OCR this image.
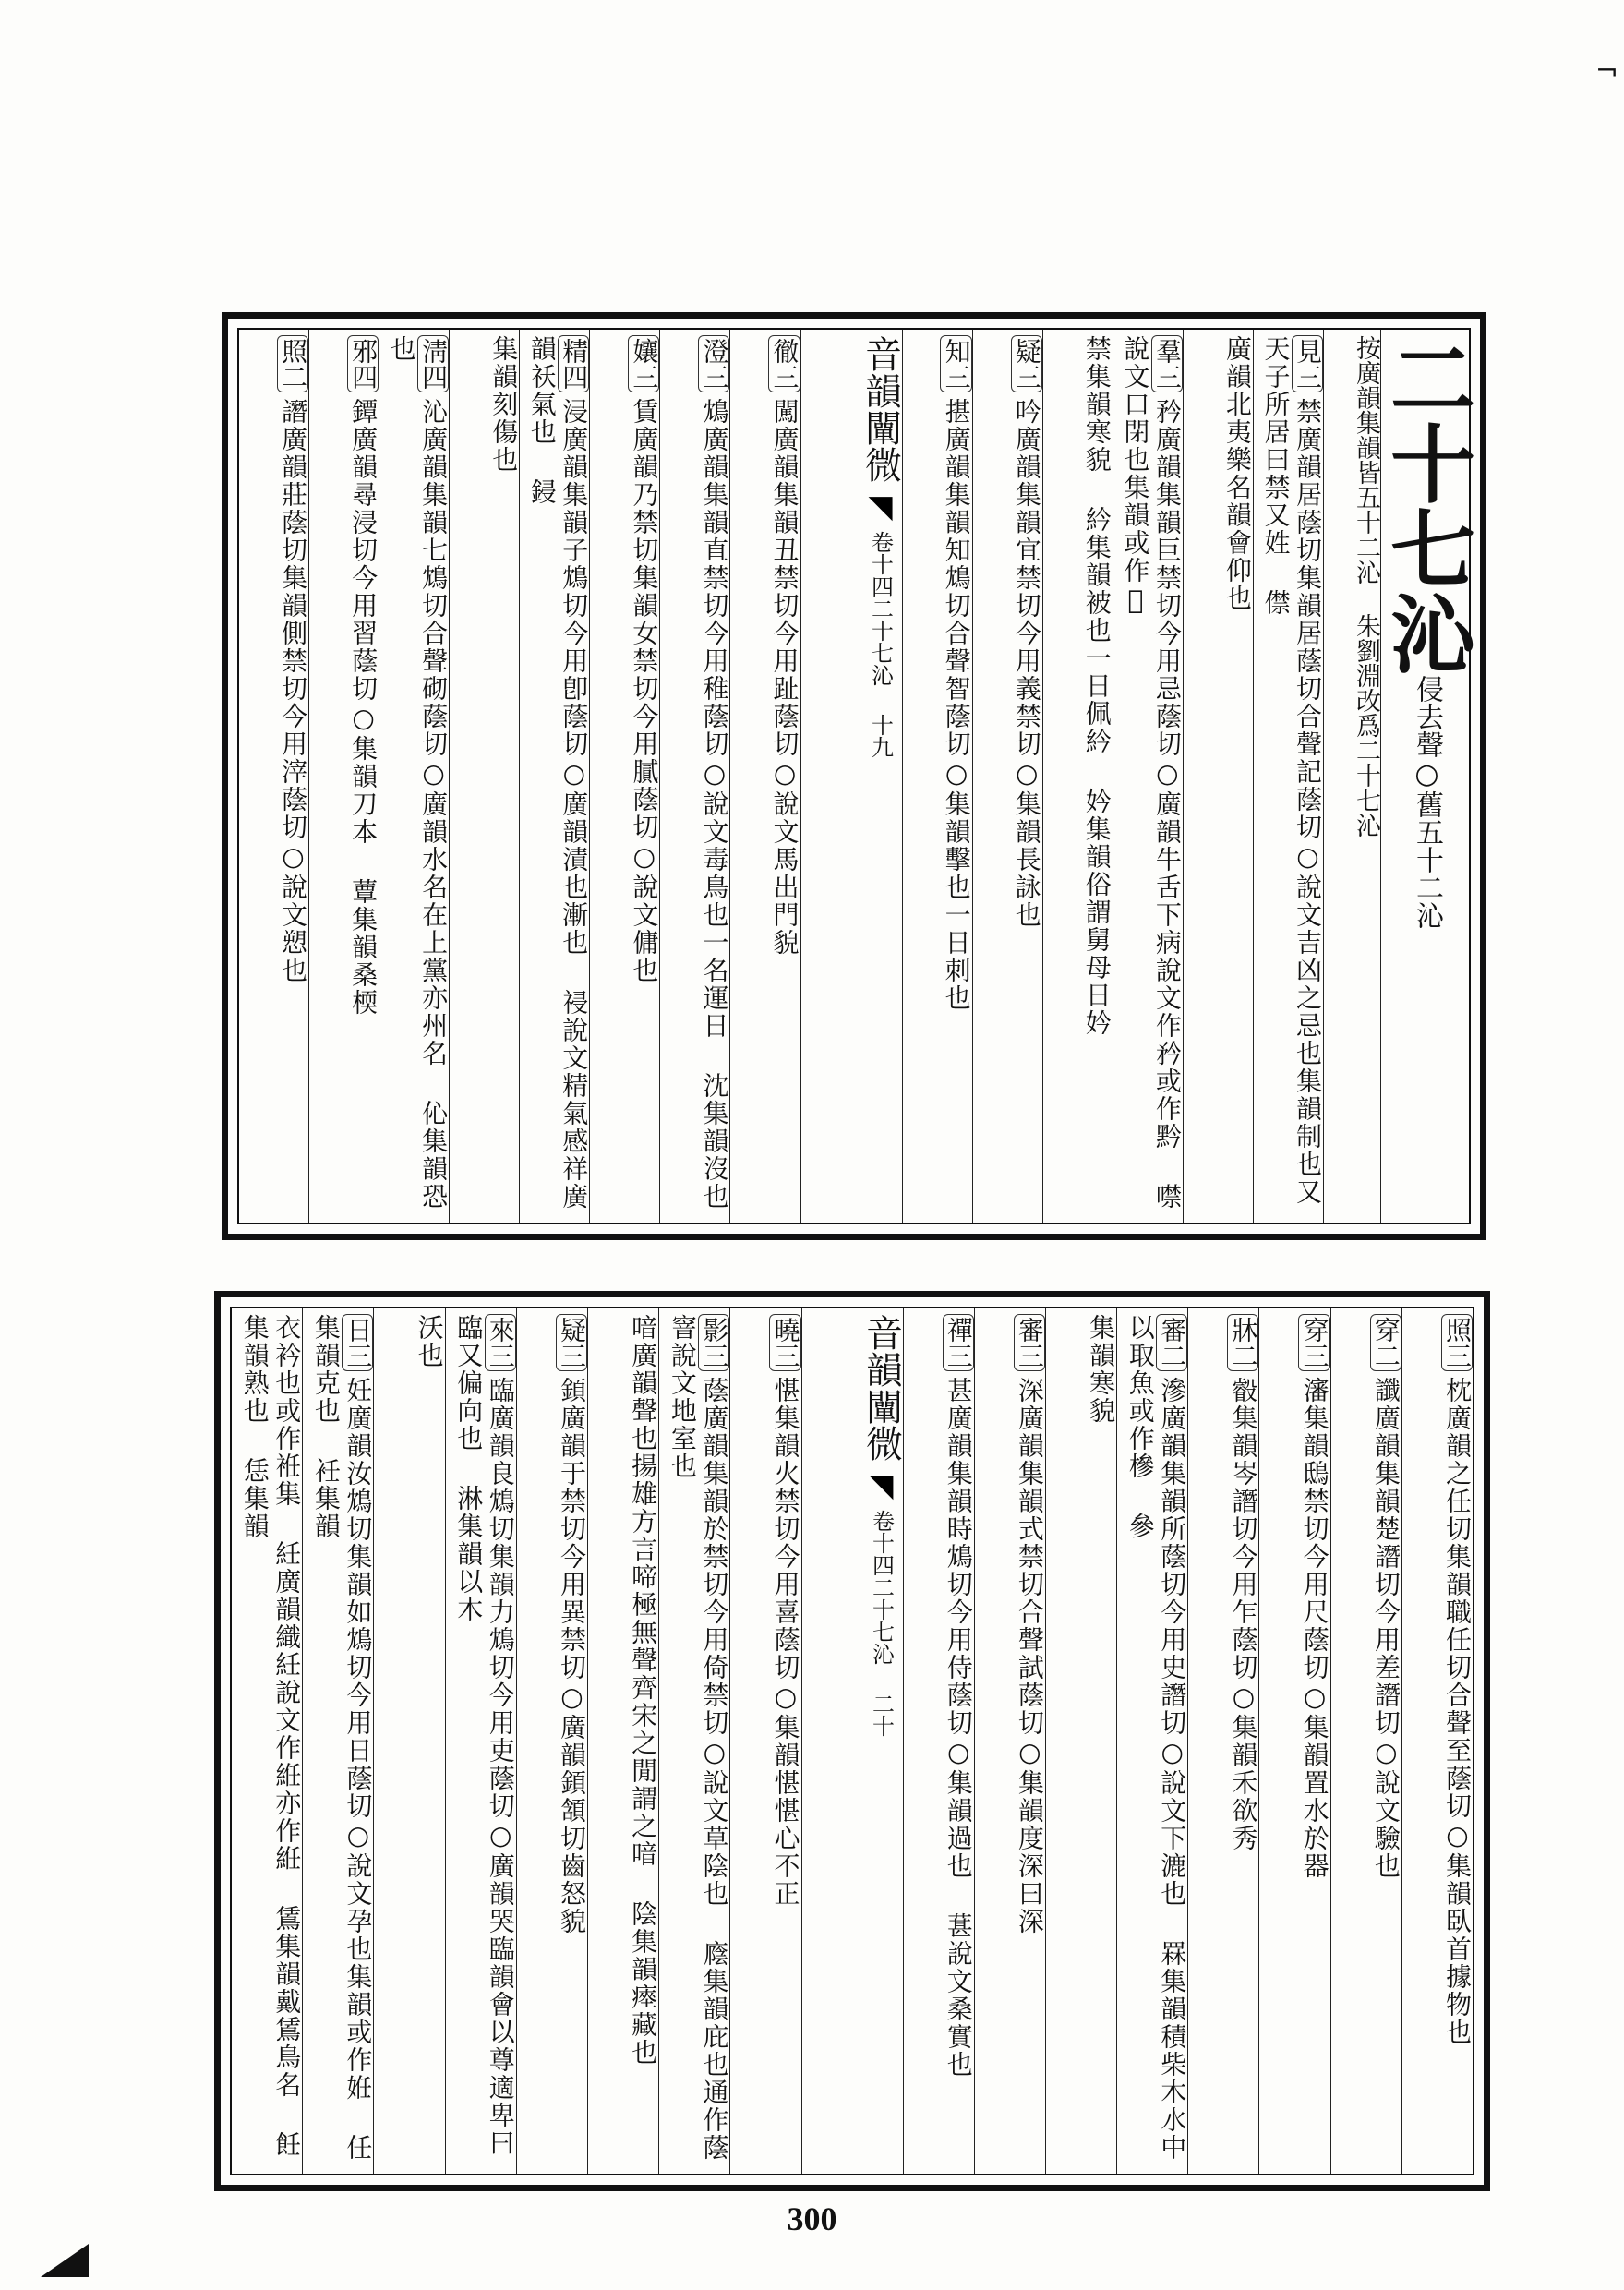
二十七沁侵去聲○舊五十二沁
按廣韻集韻皆五十二沁 朱劉淵改爲二十七沁
見三禁廣韻居蔭切集韻居蔭切合聲記蔭切○說文吉凶之忌也集韻制也又天子所居曰禁又姓 僸
廣韻北夷樂名韻會仰也
羣三矜廣韻集韻巨禁切今用忌蔭切○廣韻牛舌下病說文作矜或作黔 噤說文口閉也集韻或作𡁝
禁集韻寒貌 紟集韻被也一日佩紟 妗集韻俗謂舅母日妗
疑三吟廣韻集韻宜禁切今用義禁切○集韻長詠也
知三揕廣韻集韻知鴆切合聲智蔭切○集韻擊也一日刺也
音韻闡微◥卷十四二十七沁十九
徹三闖廣韻集韻丑禁切今用趾蔭切○說文馬出門貌
澄三鴆廣韻集韻直禁切今用稚蔭切○說文毒鳥也一名運日 沈集韻沒也
孃三賃廣韻乃禁切集韻女禁切今用膩蔭切○說文傭也
精四浸廣韻集韻子鴆切今用卽蔭切○廣韻漬也漸也 祲說文精氣感祥廣韻祅氣也 鋟
集韻刻傷也
淸四沁廣韻集韻七鴆切合聲砌蔭切○廣韻水名在上黨亦州名 伈集韻恐也
邪四鐔廣韻尋浸切今用習蔭切○集韻刀本 蕈集韻桑㮕
照二譖廣韻莊蔭切集韻側禁切今用滓蔭切○說文愬也
照三枕廣韻之任切集韻職任切合聲至蔭切○集韻臥首據物也
穿二讖廣韻集韻楚譖切今用差譖切○說文驗也
穿三瀋集韻鴟禁切今用尺蔭切○集韻置水於器
牀二㲊集韻岑譖切今用乍蔭切○集韻禾欲秀
審二滲廣韻集韻所蔭切今用史譖切○說文下漉也 罧集韻積柴木水中以取魚或作槮 參
集韻寒貌
審三深廣韻集韻式禁切合聲試蔭切○集韻度深曰深
禪三甚廣韻集韻時鴆切今用侍蔭切○集韻過也 葚說文桑實也
音韻闡微◥卷十四二十七沁二十
曉三愖集韻火禁切今用喜蔭切○集韻愖愖心不正
影三蔭廣韻集韻於禁切今用倚禁切○說文草陰也 廕集韻庇也通作蔭 窨說文地室也
喑廣韻聲也揚雄方言啼極無聲齊宋之閒謂之喑 陰集韻瘞藏也
疑三顉廣韻于禁切今用異禁切○廣韻顉頷切齒怒貌
來三臨廣韻良鴆切集韻力鴆切今用吏蔭切○廣韻哭臨韻會以尊適卑曰臨又偏向也 淋集韻以木
沃也
日三妊廣韻汝鴆切集韻如鴆切今用日蔭切○說文孕也集韻或作姙 任集韻克也 衽集韻
衣衿也或作袵集 紝廣韻織紝說文作絍亦作絍 鵀集韻戴鵀鳥名 飪集韻熟也 恁集韻
300
¬
